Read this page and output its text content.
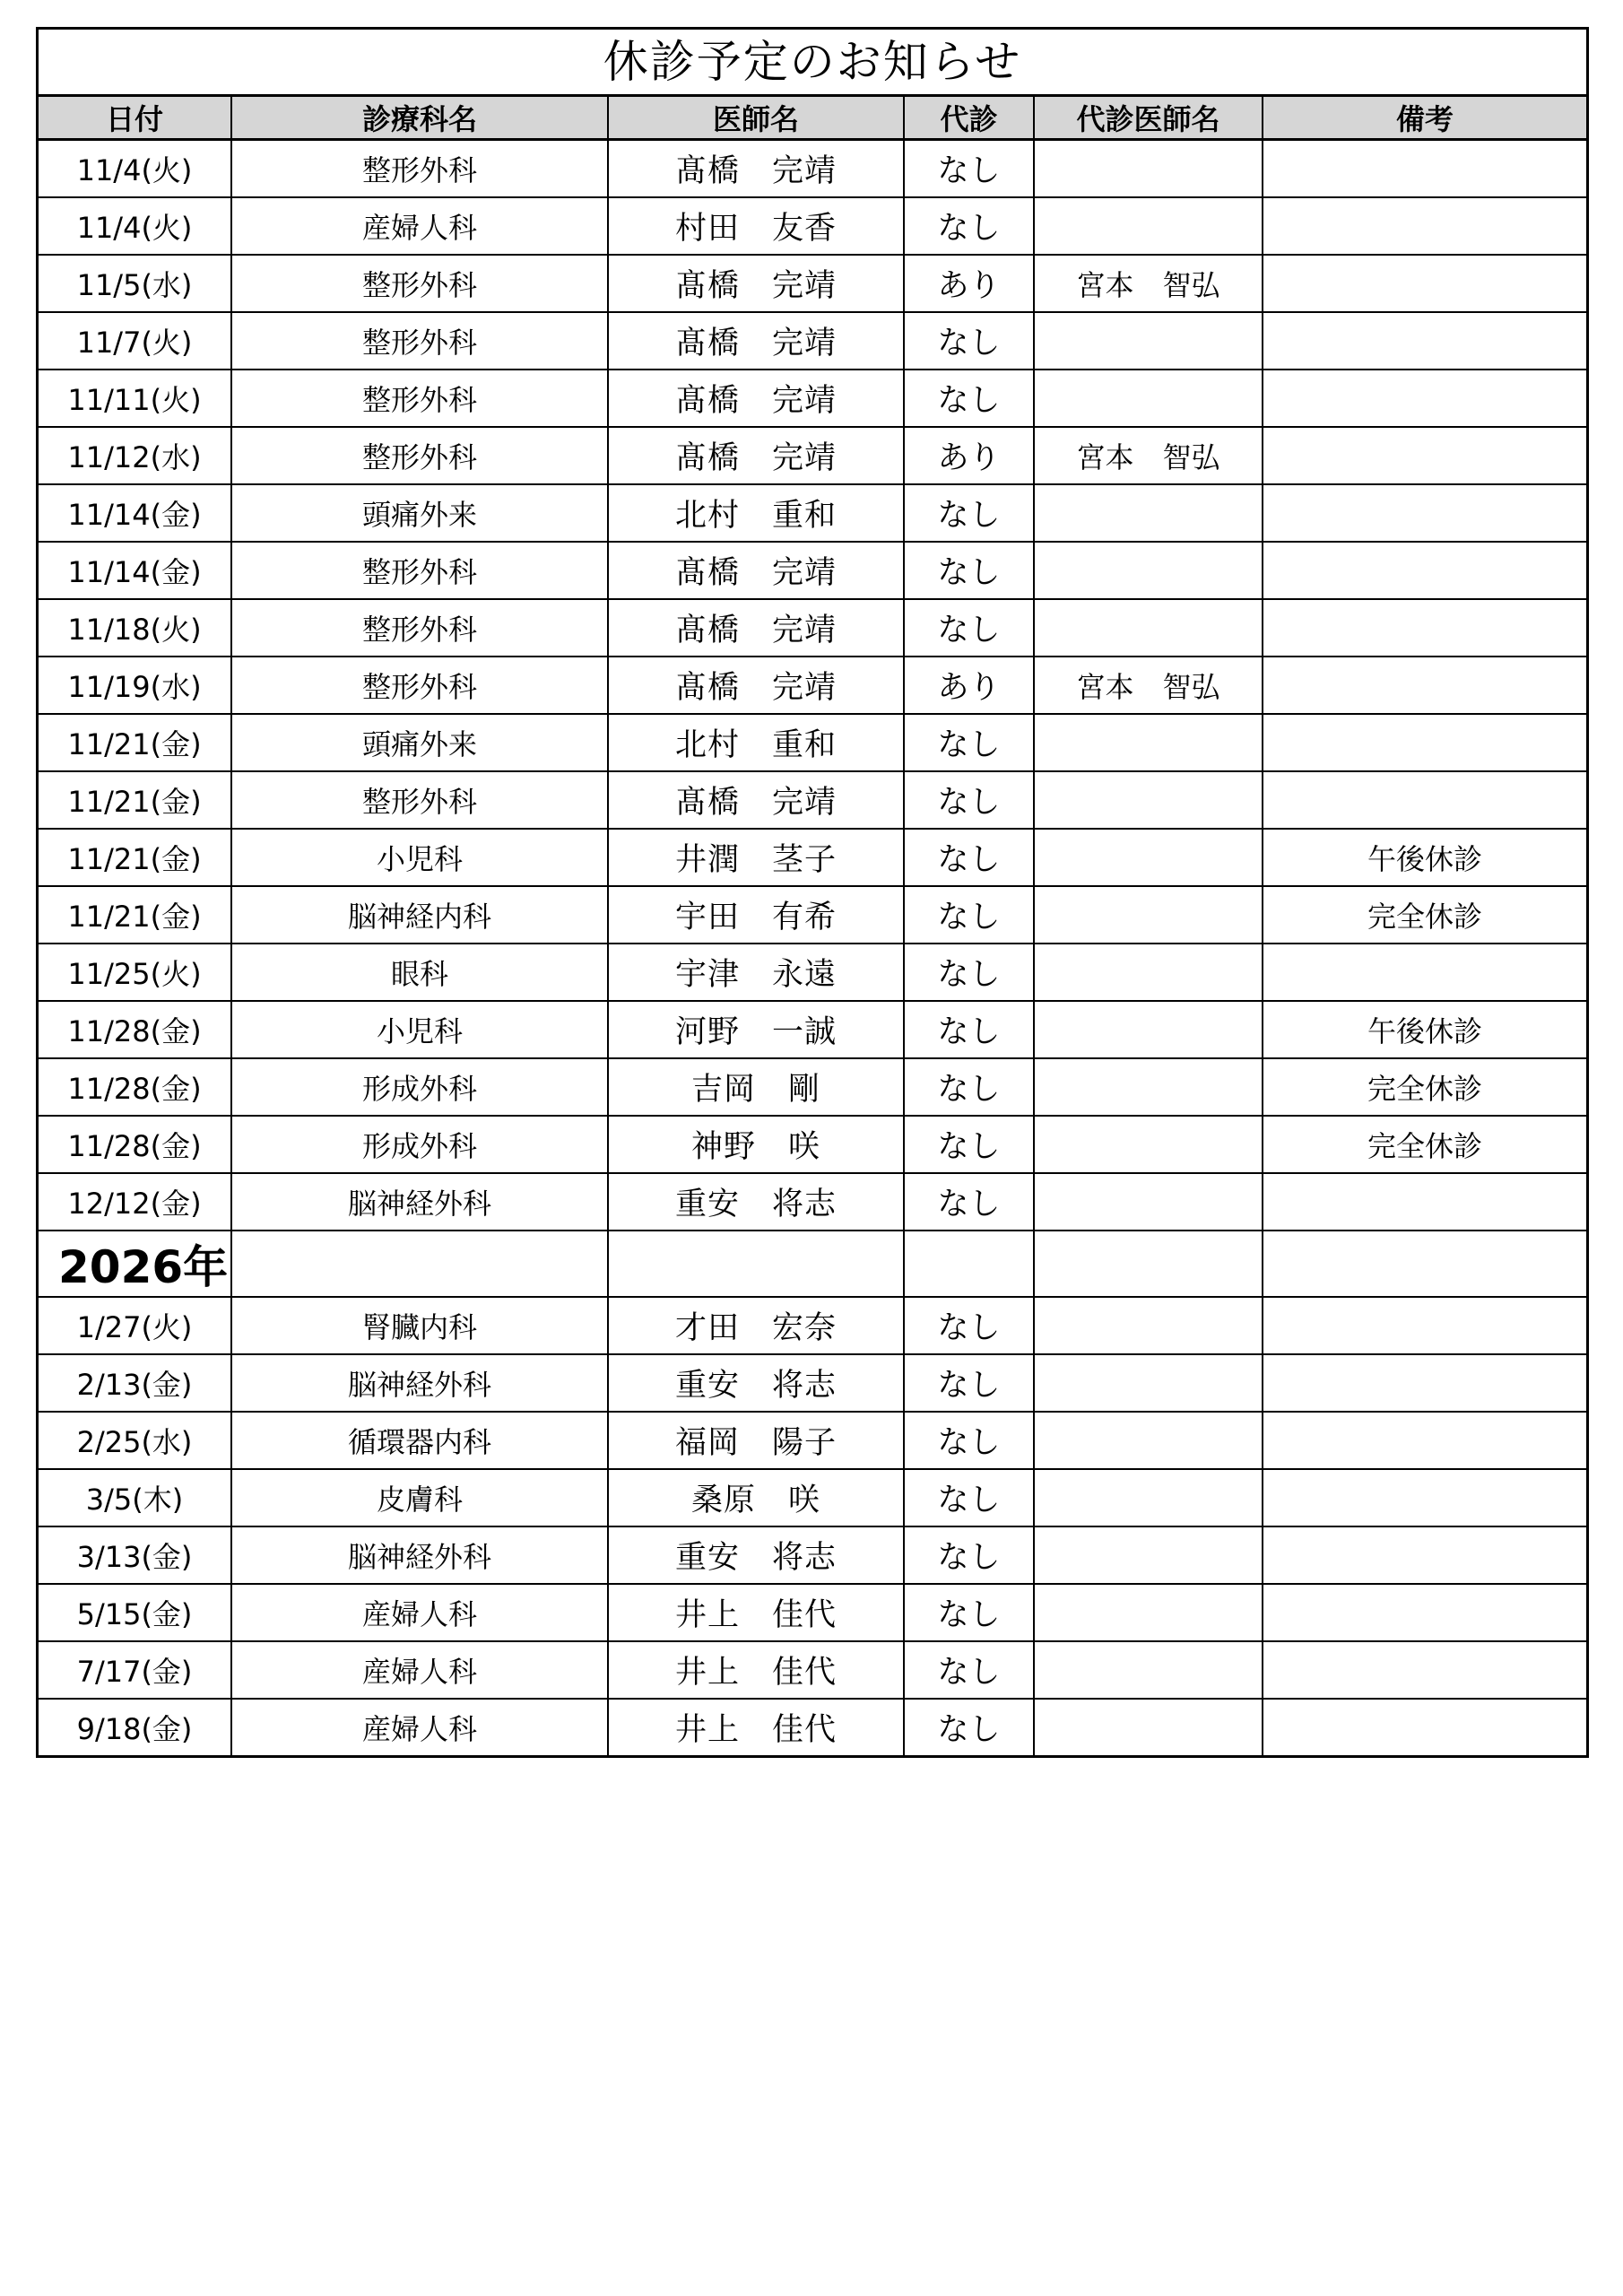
休診予定のお知らせ
日付	診療科名	医師名	代診	代診医師名	備考
11/4(火)	整形外科	髙橋　完靖	なし		
11/4(火)	産婦人科	村田　友香	なし		
11/5(水)	整形外科	髙橋　完靖	あり	宮本　智弘	
11/7(火)	整形外科	髙橋　完靖	なし		
11/11(火)	整形外科	髙橋　完靖	なし		
11/12(水)	整形外科	髙橋　完靖	あり	宮本　智弘	
11/14(金)	頭痛外来	北村　重和	なし		
11/14(金)	整形外科	髙橋　完靖	なし		
11/18(火)	整形外科	髙橋　完靖	なし		
11/19(水)	整形外科	髙橋　完靖	あり	宮本　智弘	
11/21(金)	頭痛外来	北村　重和	なし		
11/21(金)	整形外科	髙橋　完靖	なし		
11/21(金)	小児科	井潤　茎子	なし		午後休診
11/21(金)	脳神経内科	宇田　有希	なし		完全休診
11/25(火)	眼科	宇津　永遠	なし		
11/28(金)	小児科	河野　一誠	なし		午後休診
11/28(金)	形成外科	吉岡　剛	なし		完全休診
11/28(金)	形成外科	神野　咲	なし		完全休診
12/12(金)	脳神経外科	重安　将志	なし		
2026年					
1/27(火)	腎臓内科	才田　宏奈	なし		
2/13(金)	脳神経外科	重安　将志	なし		
2/25(水)	循環器内科	福岡　陽子	なし		
3/5(木)	皮膚科	桑原　咲	なし		
3/13(金)	脳神経外科	重安　将志	なし		
5/15(金)	産婦人科	井上　佳代	なし		
7/17(金)	産婦人科	井上　佳代	なし		
9/18(金)	産婦人科	井上　佳代	なし		
